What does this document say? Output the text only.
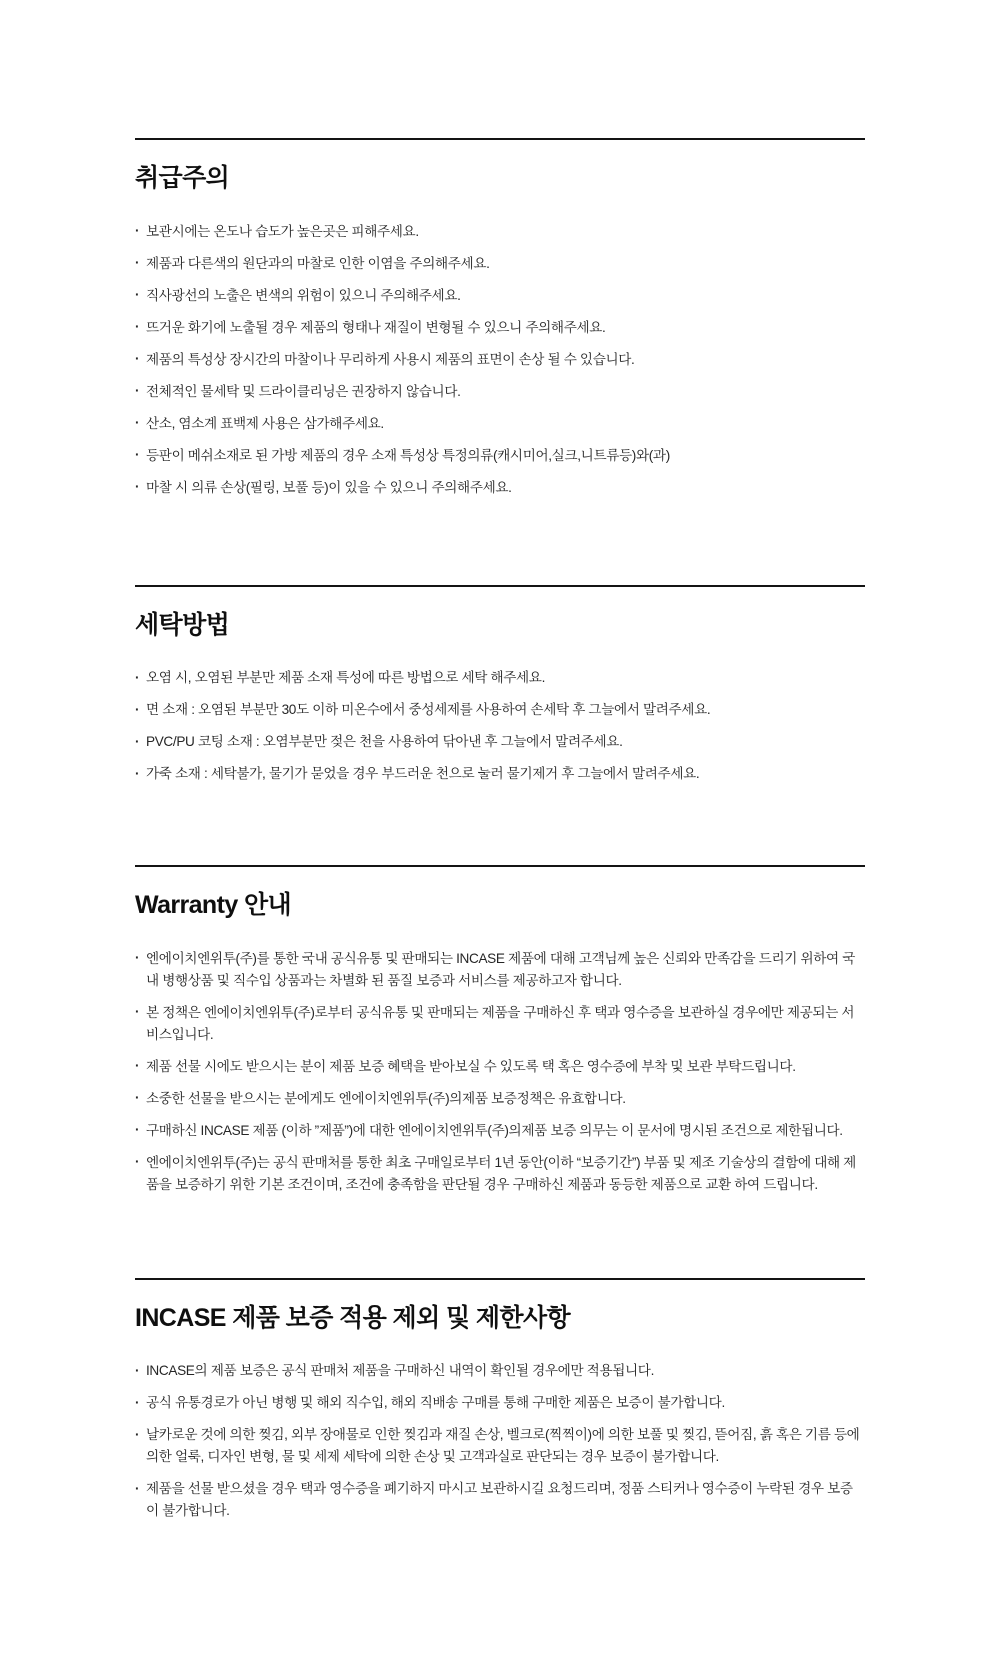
취급주의
· 보관시에는 온도나 습도가 높은곳은 피해주세요.
· 제품과 다른색의 원단과의 마찰로 인한 이염을 주의해주세요.
· 직사광선의 노출은 변색의 위험이 있으니 주의해주세요.
· 뜨거운 화기에 노출될 경우 제품의 형태나 재질이 변형될 수 있으니 주의해주세요.
· 제품의 특성상 장시간의 마찰이나 무리하게 사용시 제품의 표면이 손상 될 수 있습니다.
· 전체적인 물세탁 및 드라이클리닝은 권장하지 않습니다.
· 산소, 염소계 표백제 사용은 삼가해주세요.
· 등판이 메쉬소재로 된 가방 제품의 경우 소재 특성상 특정의류(캐시미어,실크,니트류등)와(과)
· 마찰 시 의류 손상(필링, 보풀 등)이 있을 수 있으니 주의해주세요.
세탁방법
· 오염 시, 오염된 부분만 제품 소재 특성에 따른 방법으로 세탁 해주세요.
· 면 소재 : 오염된 부분만 30도 이하 미온수에서 중성세제를 사용하여 손세탁 후 그늘에서 말려주세요.
· PVC/PU 코팅 소재 : 오염부분만 젖은 천을 사용하여 닦아낸 후 그늘에서 말려주세요.
· 가죽 소재 : 세탁불가, 물기가 묻었을 경우 부드러운 천으로 눌러 물기제거 후 그늘에서 말려주세요.
Warranty 안내
· 엔에이치엔위투(주)를 통한 국내 공식유통 및 판매되는 INCASE 제품에 대해 고객님께 높은 신뢰와 만족감을 드리기 위하여 국내 병행상품 및 직수입 상품과는 차별화 된 품질 보증과 서비스를 제공하고자 합니다.
· 본 정책은 엔에이치엔위투(주)로부터 공식유통 및 판매되는 제품을 구매하신 후 택과 영수증을 보관하실 경우에만 제공되는 서비스입니다.
· 제품 선물 시에도 받으시는 분이 제품 보증 혜택을 받아보실 수 있도록 택 혹은 영수증에 부착 및 보관 부탁드립니다.
· 소중한 선물을 받으시는 분에게도 엔에이치엔위투(주)의제품 보증정책은 유효합니다.
· 구매하신 INCASE 제품 (이하 ”제품”)에 대한 엔에이치엔위투(주)의제품 보증 의무는 이 문서에 명시된 조건으로 제한됩니다.
· 엔에이치엔위투(주)는 공식 판매처를 통한 최초 구매일로부터 1년 동안(이하 “보증기간”) 부품 및 제조 기술상의 결함에 대해 제품을 보증하기 위한 기본 조건이며, 조건에 충족함을 판단될 경우 구매하신 제품과 동등한 제품으로 교환 하여 드립니다.
INCASE 제품 보증 적용 제외 및 제한사항
· INCASE의 제품 보증은 공식 판매처 제품을 구매하신 내역이 확인될 경우에만 적용됩니다.
· 공식 유통경로가 아닌 병행 및 해외 직수입, 해외 직배송 구매를 통해 구매한 제품은 보증이 불가합니다.
· 날카로운 것에 의한 찢김, 외부 장애물로 인한 찢김과 재질 손상, 벨크로(찍찍이)에 의한 보풀 및 찢김, 뜯어짐, 흙 혹은 기름 등에 의한 얼룩, 디자인 변형, 물 및 세제 세탁에 의한 손상 및 고객과실로 판단되는 경우 보증이 불가합니다.
· 제품을 선물 받으셨을 경우 택과 영수증을 폐기하지 마시고 보관하시길 요청드리며, 정품 스티커나 영수증이 누락된 경우 보증이 불가합니다.
